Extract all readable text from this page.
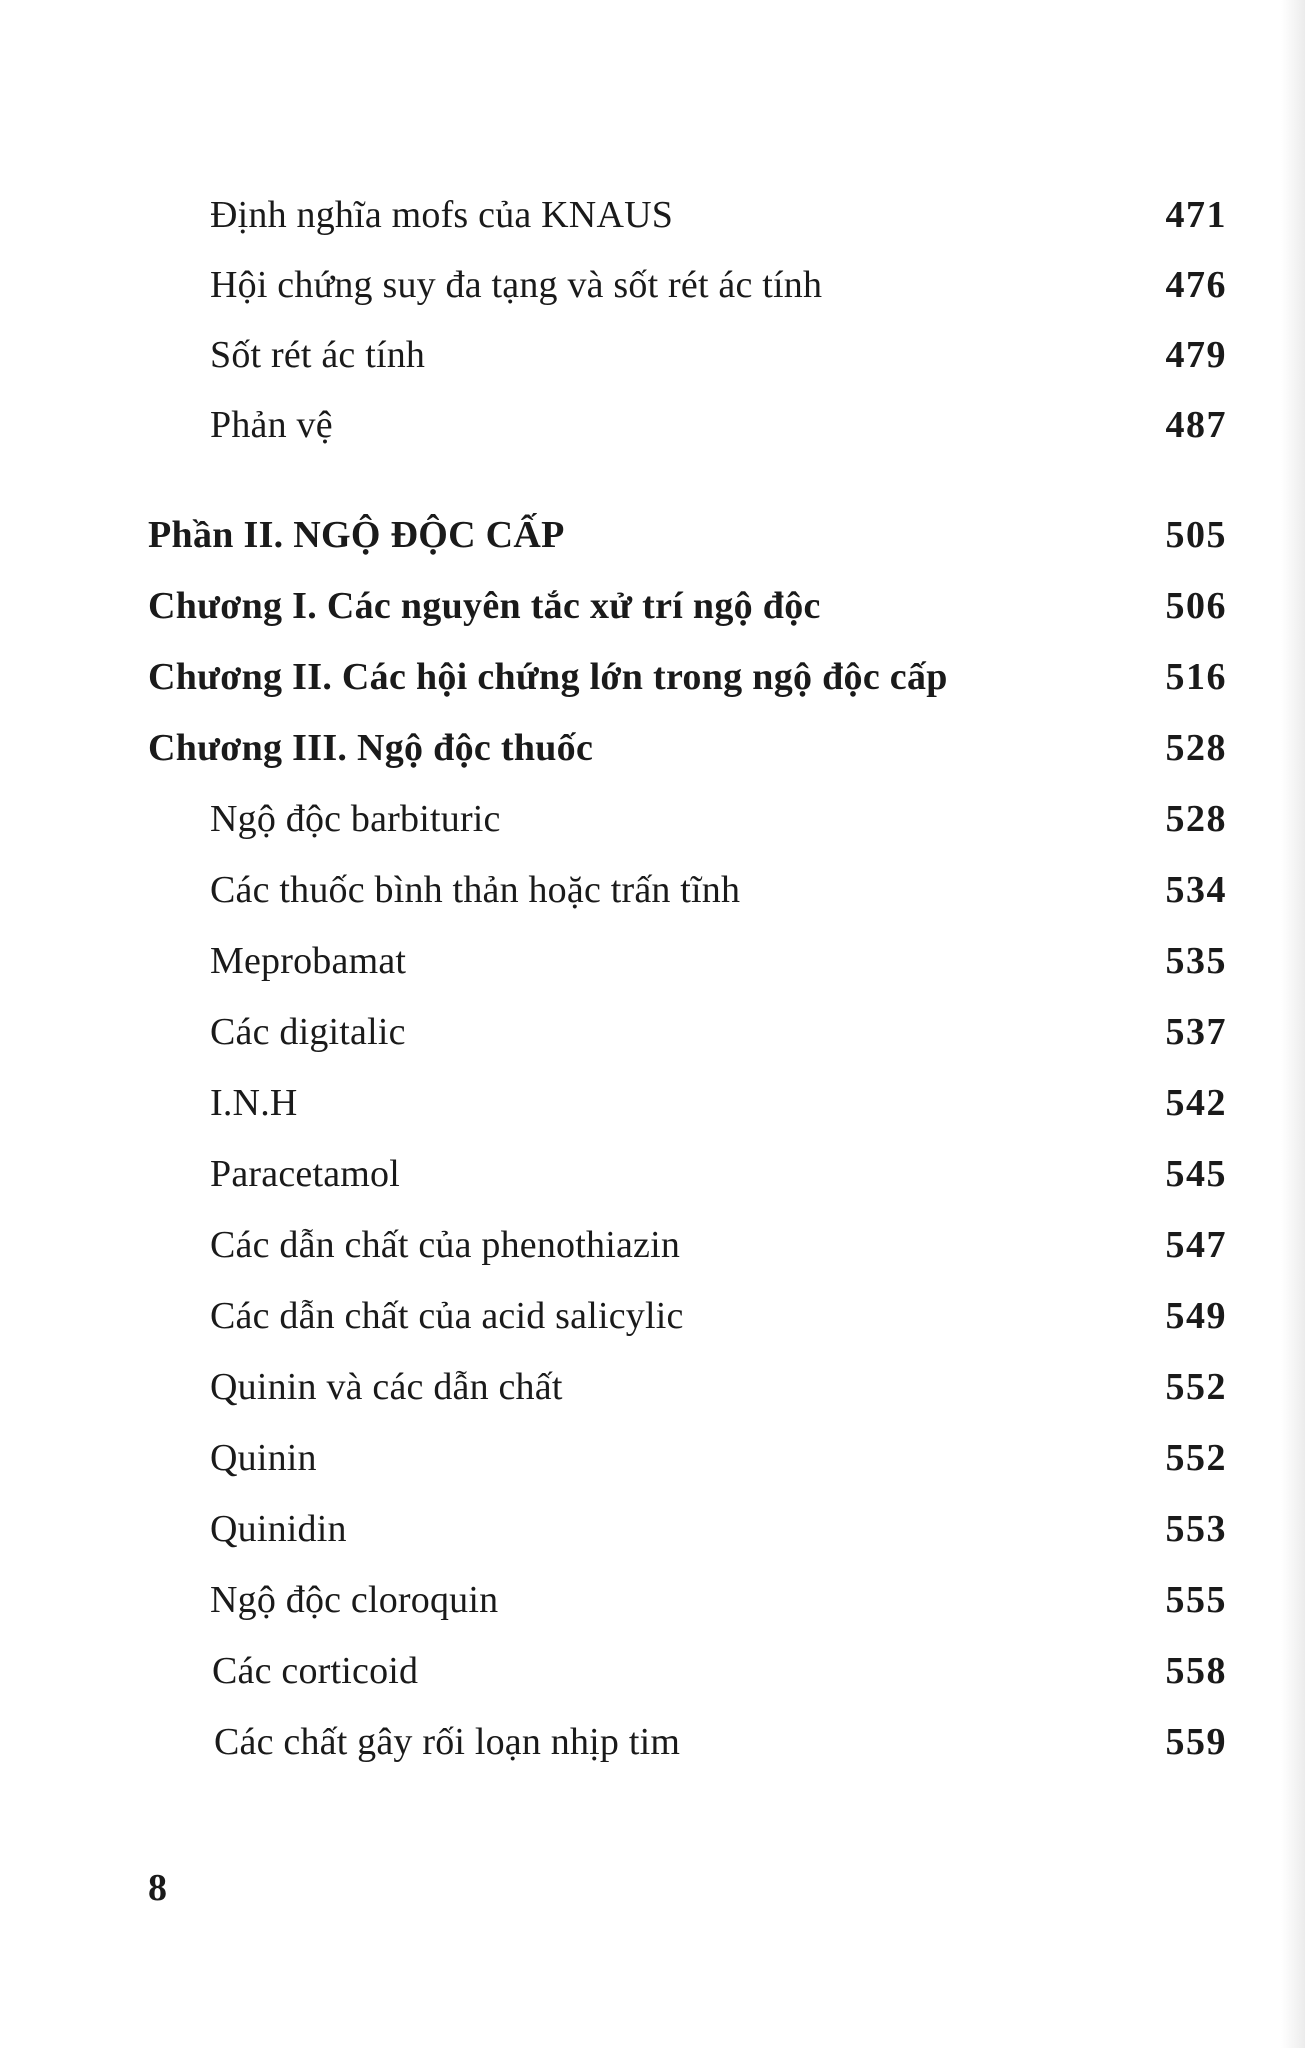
Định nghĩa mofs của KNAUS	471
Hội chứng suy đa tạng và sốt rét ác tính	476
Sốt rét ác tính	479
Phản vệ	487
Phần II. NGỘ ĐỘC CẤP	505
Chương I. Các nguyên tắc xử trí ngộ độc	506
Chương II. Các hội chứng lớn trong ngộ độc cấp	516
Chương III. Ngộ độc thuốc	528
Ngộ độc barbituric	528
Các thuốc bình thản hoặc trấn tĩnh	534
Meprobamat	535
Các digitalic	537
I.N.H	542
Paracetamol	545
Các dẫn chất của phenothiazin	547
Các dẫn chất của acid salicylic	549
Quinin và các dẫn chất	552
Quinin	552
Quinidin	553
Ngộ độc cloroquin	555
Các corticoid	558
Các chất gây rối loạn nhịp tim	559
8
